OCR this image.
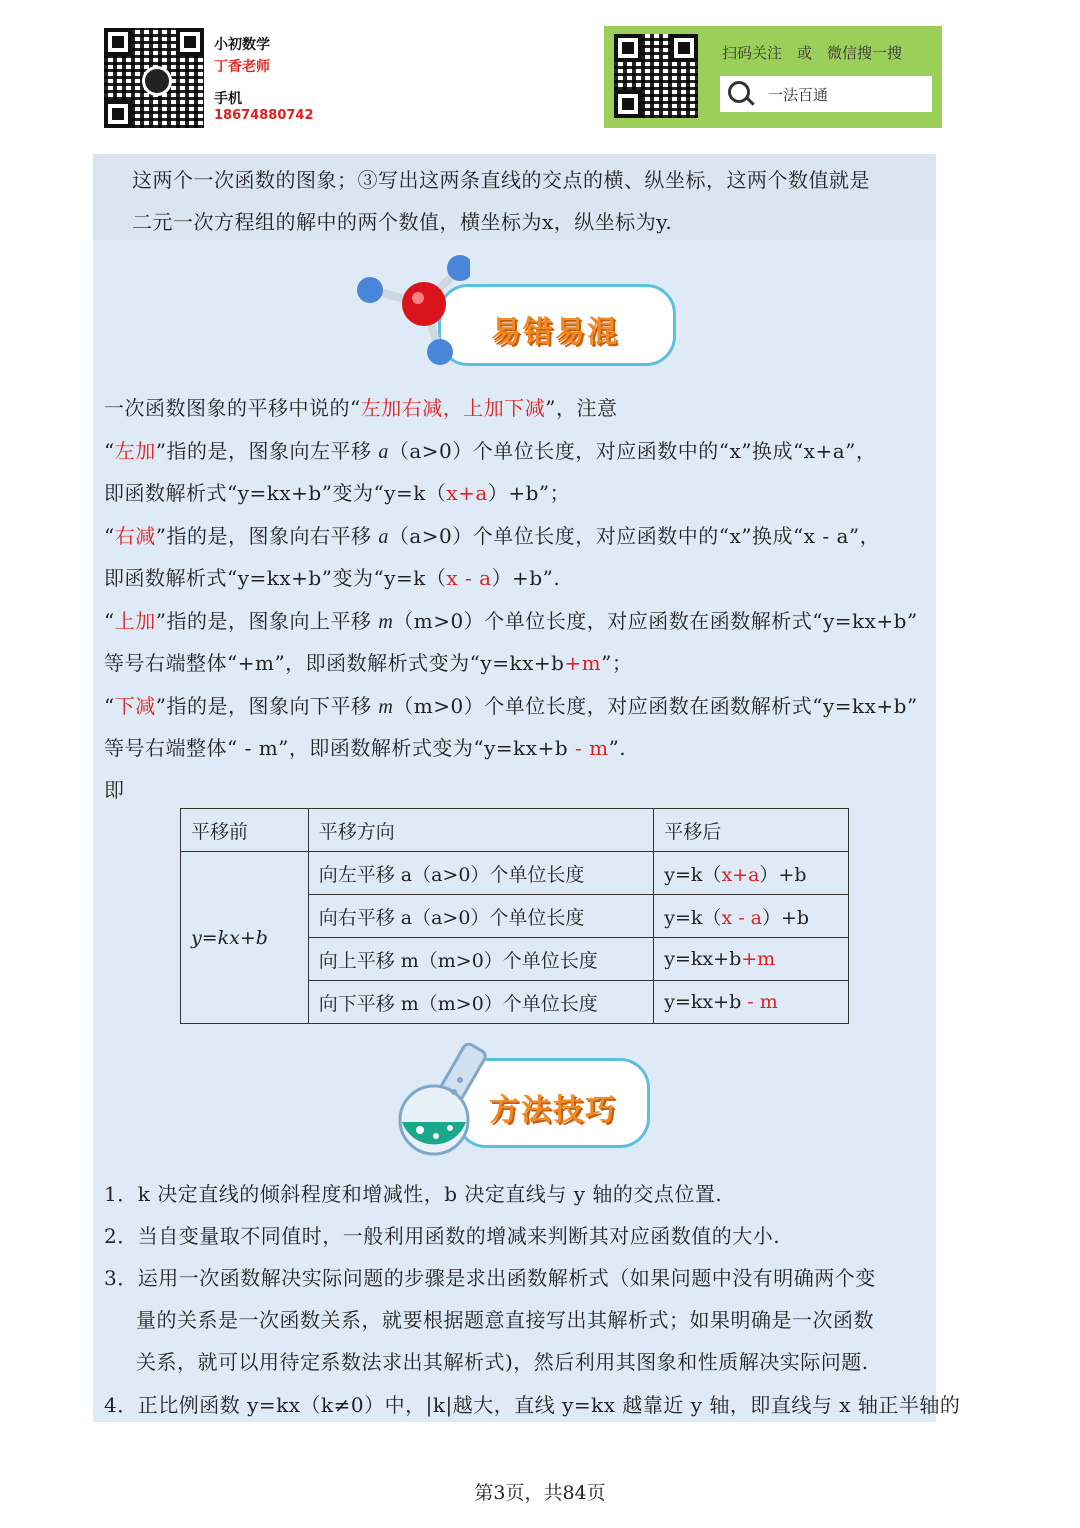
小初数学
丁香老师
手机
18674880742
扫码关注　或　微信搜一搜
一法百通
这两个一次函数的图象；③写出这两条直线的交点的横、纵坐标，这两个数值就是
二元一次方程组的解中的两个数值，横坐标为x，纵坐标为y.
易错易混
一次函数图象的平移中说的“左加右减，上加下减”，注意
“左加”指的是，图象向左平移 a（a>0）个单位长度，对应函数中的“x”换成“x+a”，
即函数解析式“y=kx+b”变为“y=k（x+a）+b”；
“右减”指的是，图象向右平移 a（a>0）个单位长度，对应函数中的“x”换成“x - a”，
即函数解析式“y=kx+b”变为“y=k（x - a）+b”.
“上加”指的是，图象向上平移 m（m>0）个单位长度，对应函数在函数解析式“y=kx+b”
等号右端整体“+m”，即函数解析式变为“y=kx+b+m”；
“下减”指的是，图象向下平移 m（m>0）个单位长度，对应函数在函数解析式“y=kx+b”
等号右端整体“ - m”，即函数解析式变为“y=kx+b - m”.
即
平移前	平移方向	平移后
y=kx+b	向左平移 a（a>0）个单位长度	y=k（x+a）+b
	向右平移 a（a>0）个单位长度	y=k（x - a）+b
	向上平移 m（m>0）个单位长度	y=kx+b+m
	向下平移 m（m>0）个单位长度	y=kx+b - m
方法技巧
1．k 决定直线的倾斜程度和增减性，b 决定直线与 y 轴的交点位置.
2．当自变量取不同值时，一般利用函数的增减来判断其对应函数值的大小.
3．运用一次函数解决实际问题的步骤是求出函数解析式（如果问题中没有明确两个变
量的关系是一次函数关系，就要根据题意直接写出其解析式；如果明确是一次函数
关系，就可以用待定系数法求出其解析式)，然后利用其图象和性质解决实际问题.
4．正比例函数 y=kx（k≠0）中，|k|越大，直线 y=kx 越靠近 y 轴，即直线与 x 轴正半轴的
第3页，共84页
